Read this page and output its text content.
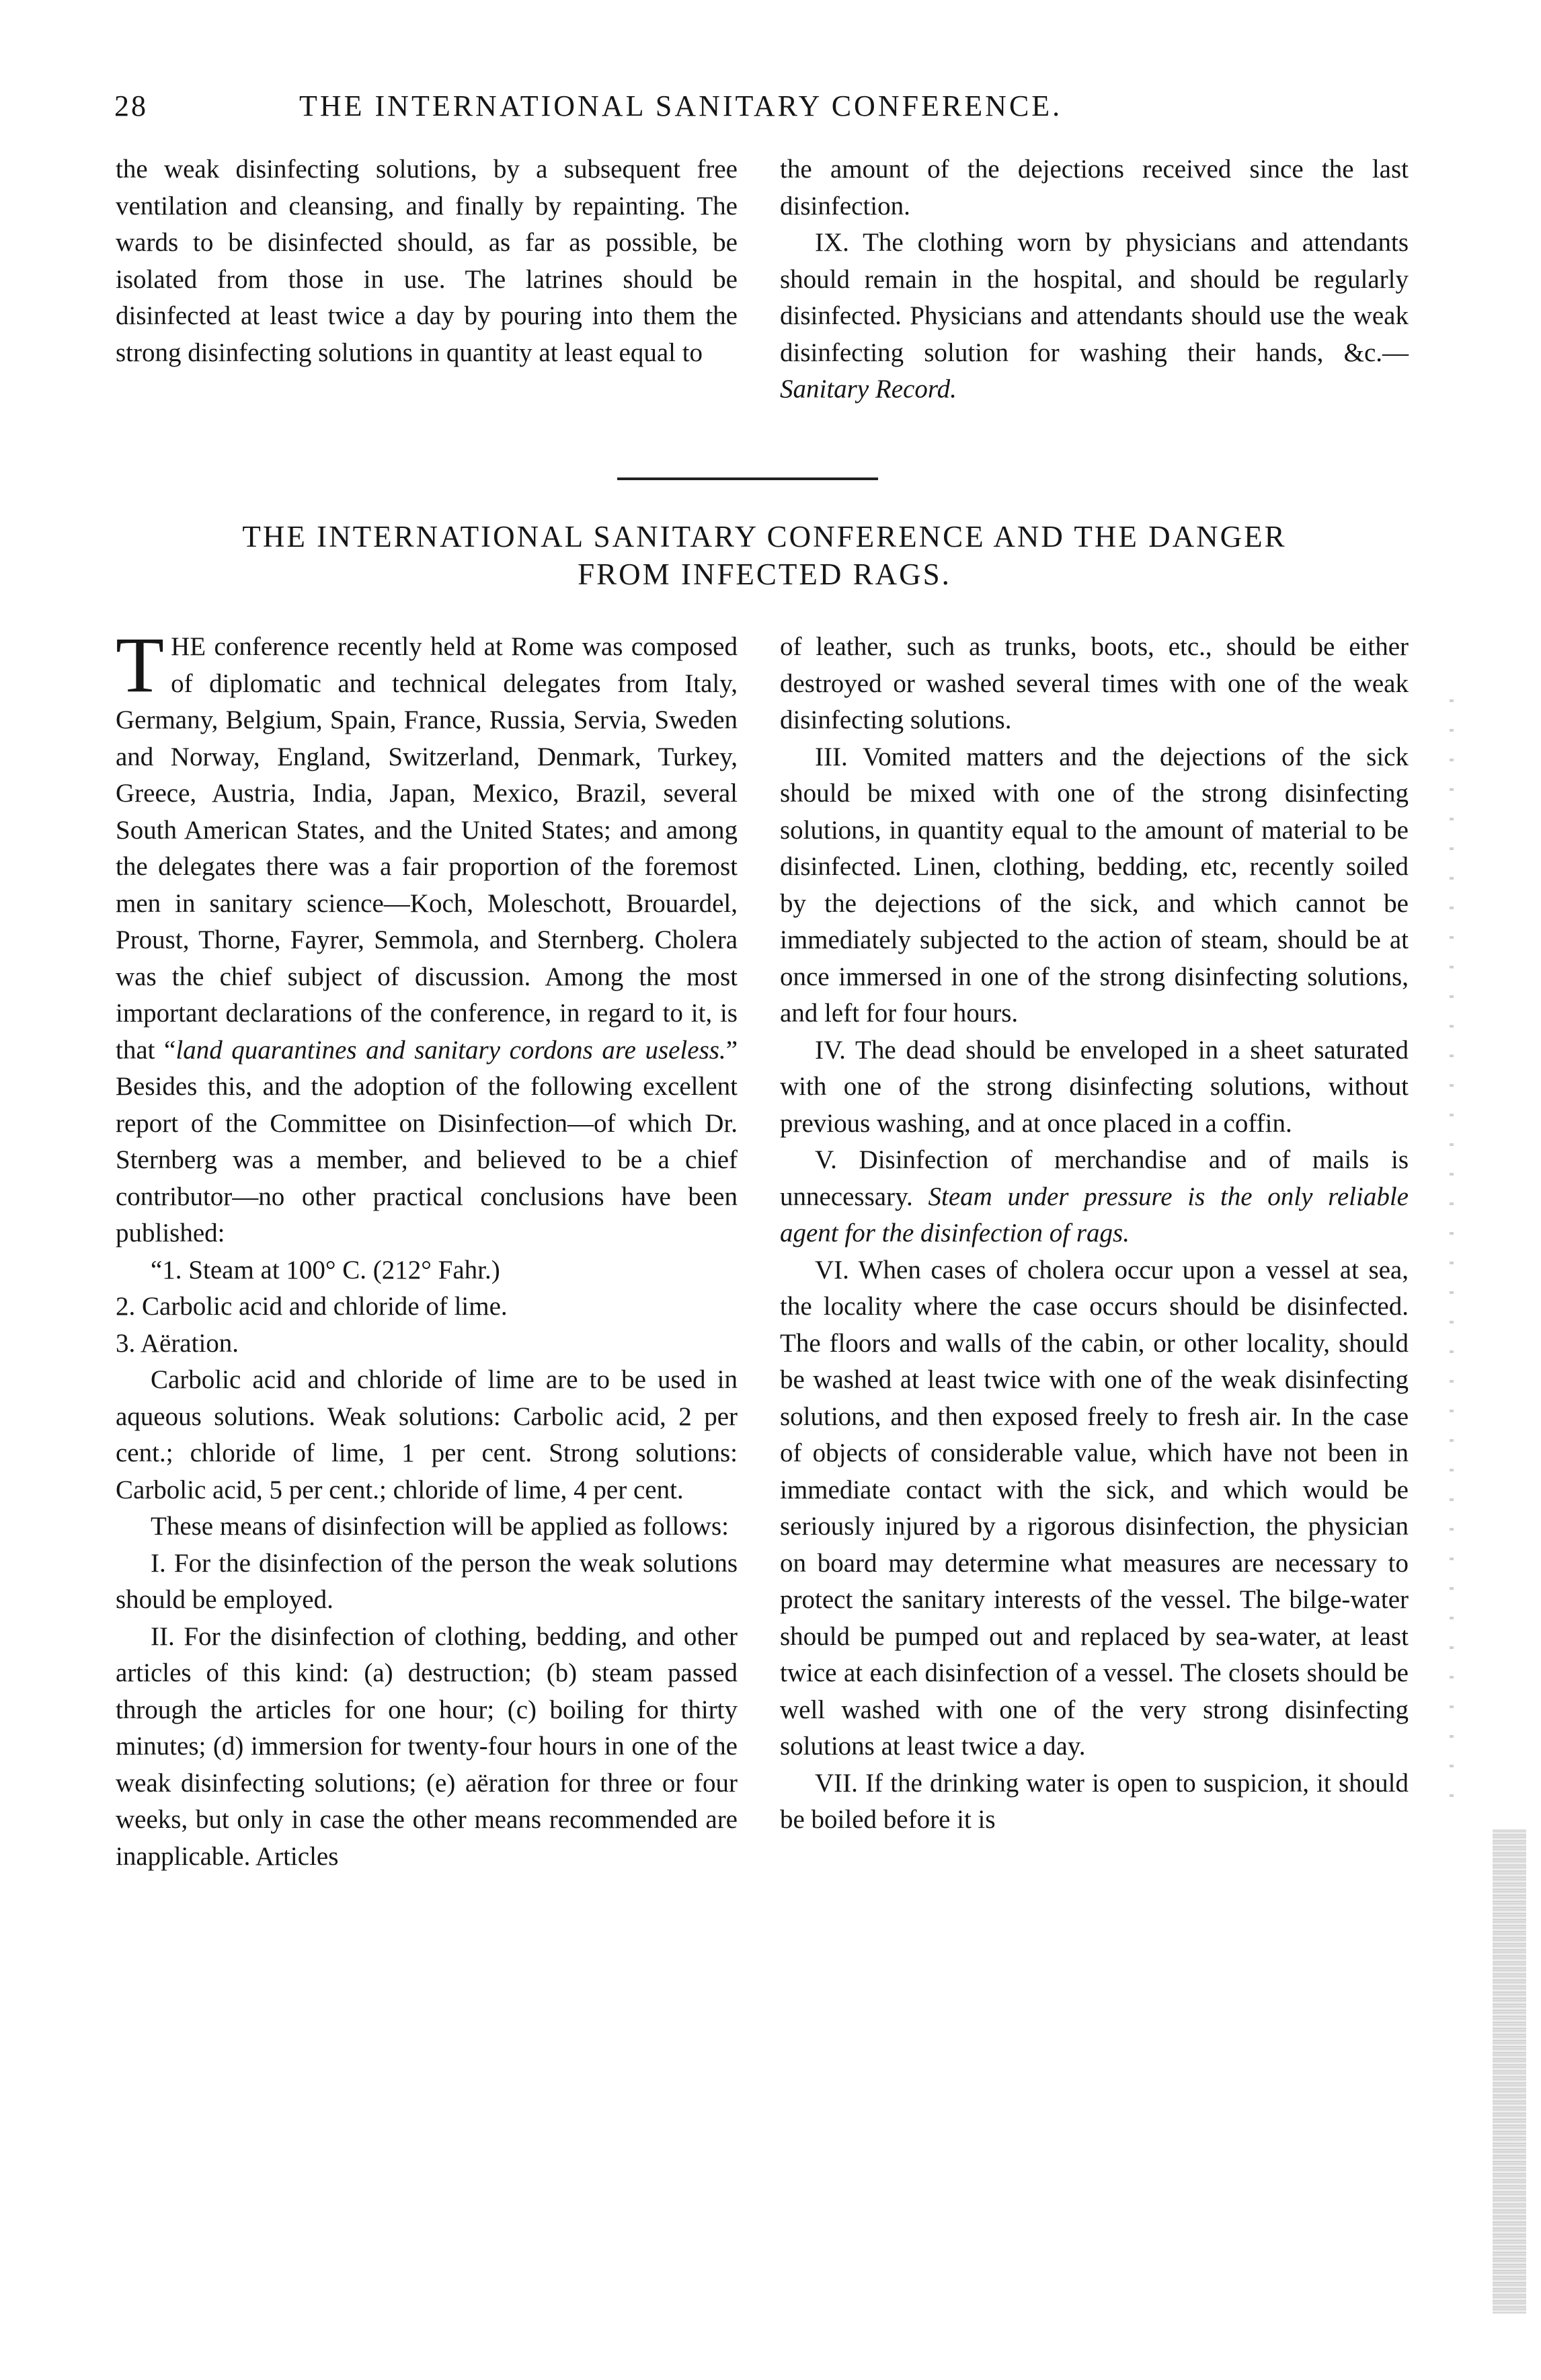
28	THE INTERNATIONAL SANITARY CONFERENCE.

the weak disinfecting solutions, by a subsequent free ventilation and cleansing, and finally by repainting. The wards to be disinfected should, as far as possible, be isolated from those in use. The latrines should be disinfected at least twice a day by pouring into them the strong disinfecting solutions in quantity at least equal to

the amount of the dejections received since the last disinfection.

IX. The clothing worn by physicians and attendants should remain in the hospital, and should be regularly disinfected. Physicians and attendants should use the weak disinfecting solution for washing their hands, &c.—Sanitary Record.

THE INTERNATIONAL SANITARY CONFERENCE AND THE DANGER
FROM INFECTED RAGS.

THE conference recently held at Rome was composed of diplomatic and technical delegates from Italy, Germany, Belgium, Spain, France, Russia, Servia, Sweden and Norway, England, Switzerland, Denmark, Turkey, Greece, Austria, India, Japan, Mexico, Brazil, several South American States, and the United States; and among the delegates there was a fair proportion of the foremost men in sanitary science—Koch, Moleschott, Brouardel, Proust, Thorne, Fayrer, Semmola, and Sternberg. Cholera was the chief subject of discussion. Among the most important declarations of the conference, in regard to it, is that “land quarantines and sanitary cordons are useless.” Besides this, and the adoption of the following excellent report of the Committee on Disinfection—of which Dr. Sternberg was a member, and believed to be a chief contributor—no other practical conclusions have been published:

“1. Steam at 100° C. (212° Fahr.)

2. Carbolic acid and chloride of lime.

3. Aëration.

Carbolic acid and chloride of lime are to be used in aqueous solutions. Weak solutions: Carbolic acid, 2 per cent.; chloride of lime, 1 per cent. Strong solutions: Carbolic acid, 5 per cent.; chloride of lime, 4 per cent.

These means of disinfection will be applied as follows:

I. For the disinfection of the person the weak solutions should be employed.

II. For the disinfection of clothing, bedding, and other articles of this kind: (a) destruction; (b) steam passed through the articles for one hour; (c) boiling for thirty minutes; (d) immersion for twenty-four hours in one of the weak disinfecting solutions; (e) aëration for three or four weeks, but only in case the other means recommended are inapplicable. Articles

of leather, such as trunks, boots, etc., should be either destroyed or washed several times with one of the weak disinfecting solutions.

III. Vomited matters and the dejections of the sick should be mixed with one of the strong disinfecting solutions, in quantity equal to the amount of material to be disinfected. Linen, clothing, bedding, etc, recently soiled by the dejections of the sick, and which cannot be immediately subjected to the action of steam, should be at once immersed in one of the strong disinfecting solutions, and left for four hours.

IV. The dead should be enveloped in a sheet saturated with one of the strong disinfecting solutions, without previous washing, and at once placed in a coffin.

V. Disinfection of merchandise and of mails is unnecessary. Steam under pressure is the only reliable agent for the disinfection of rags.

VI. When cases of cholera occur upon a vessel at sea, the locality where the case occurs should be disinfected. The floors and walls of the cabin, or other locality, should be washed at least twice with one of the weak disinfecting solutions, and then exposed freely to fresh air. In the case of objects of considerable value, which have not been in immediate contact with the sick, and which would be seriously injured by a rigorous disinfection, the physician on board may determine what measures are necessary to protect the sanitary interests of the vessel. The bilge-water should be pumped out and replaced by sea-water, at least twice at each disinfection of a vessel. The closets should be well washed with one of the very strong disinfecting solutions at least twice a day.

VII. If the drinking water is open to suspicion, it should be boiled before it is
